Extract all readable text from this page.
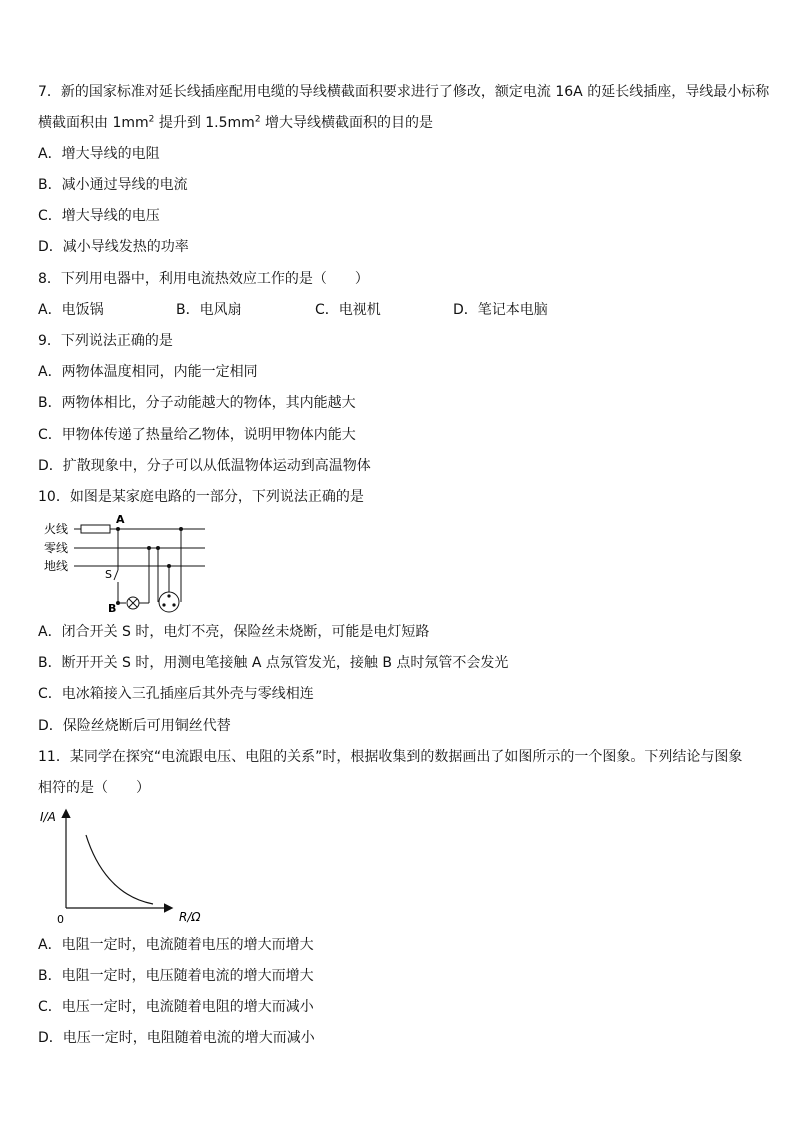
7．新的国家标准对延长线插座配用电缆的导线横截面积要求进行了修改，额定电流 16A 的延长线插座，导线最小标称
横截面积由 $1mm^2$ 提升到 $1.5mm^2$ 增大导线横截面积的目的是
A．增大导线的电阻
B．减小通过导线的电流
C．增大导线的电压
D．减小导线发热的功率
8．下列用电器中，利用电流热效应工作的是（　　）
A．电饭锅	B．电风扇	C．电视机	D．笔记本电脑
9．下列说法正确的是
A．两物体温度相同，内能一定相同
B．两物体相比，分子动能越大的物体，其内能越大
C．甲物体传递了热量给乙物体，说明甲物体内能大
D．扩散现象中，分子可以从低温物体运动到高温物体
10．如图是某家庭电路的一部分，下列说法正确的是
火线
零线
地线
A
S
B
A．闭合开关 S 时，电灯不亮，保险丝未烧断，可能是电灯短路
B．断开开关 S 时，用测电笔接触 A 点氖管发光，接触 B 点时氖管不会发光
C．电冰箱接入三孔插座后其外壳与零线相连
D．保险丝烧断后可用铜丝代替
11．某同学在探究“电流跟电压、电阻的关系”时，根据收集到的数据画出了如图所示的一个图象。下列结论与图象
相符的是（　　）
I/A
R/Ω
0
A．电阻一定时，电流随着电压的增大而增大
B．电阻一定时，电压随着电流的增大而增大
C．电压一定时，电流随着电阻的增大而减小
D．电压一定时，电阻随着电流的增大而减小
